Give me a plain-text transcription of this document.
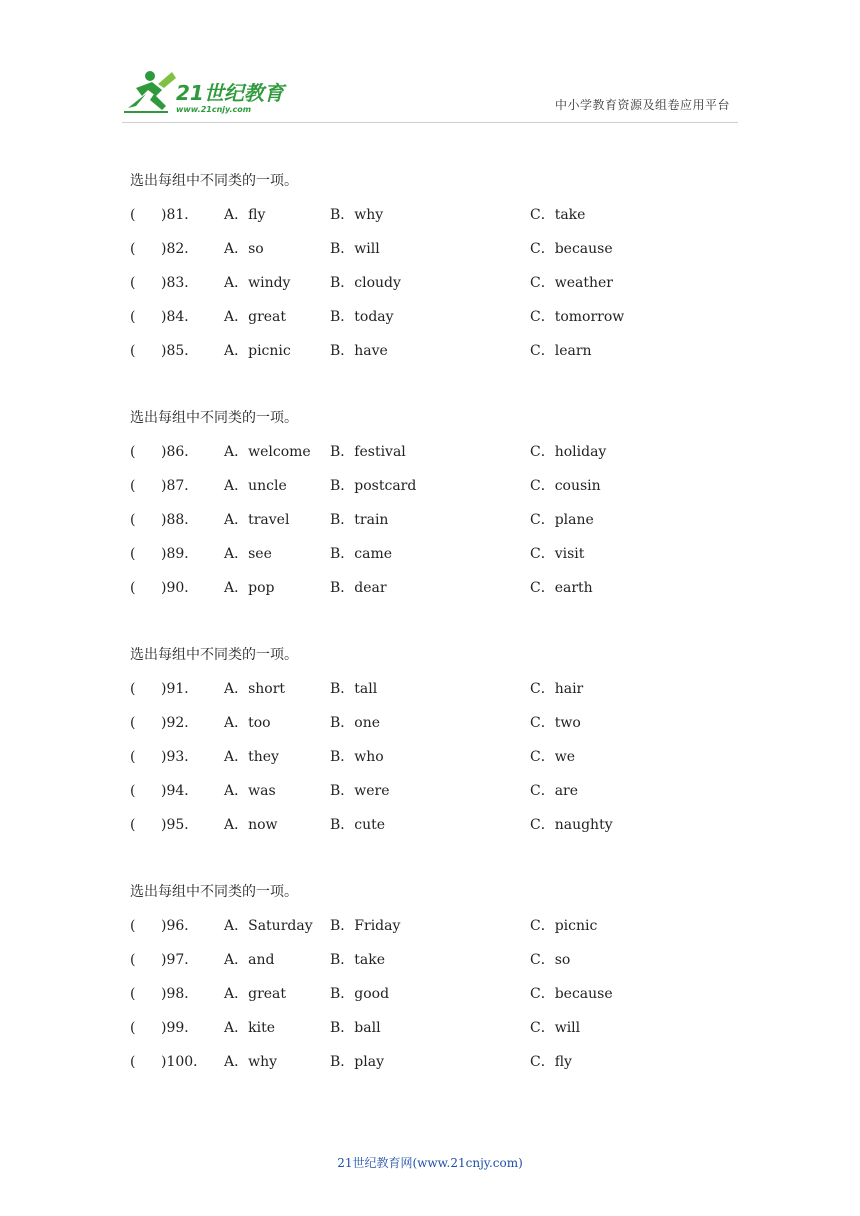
21世纪教育
www.21cnjy.com	中小学教育资源及组卷应用平台
选出每组中不同类的一项。
( )81． A．fly	B．why	C．take
( )82． A．so	B．will	C．because
( )83． A．windy	B．cloudy	C．weather
( )84． A．great	B．today	C．tomorrow
( )85． A．picnic	B．have	C．learn
选出每组中不同类的一项。
( )86． A．welcome B．festival	C．holiday
( )87． A．uncle	B．postcard	C．cousin
( )88． A．travel	B．train	C．plane
( )89． A．see	B．came	C．visit
( )90． A．pop	B．dear	C．earth
选出每组中不同类的一项。
( )91． A．short	B．tall	C．hair
( )92． A．too	B．one	C．two
( )93． A．they	B．who	C．we
( )94． A．was	B．were	C．are
( )95． A．now	B．cute	C．naughty
选出每组中不同类的一项。
( )96． A．Saturday B．Friday	C．picnic
( )97． A．and	B．take	C．so
( )98． A．great	B．good	C．because
( )99． A．kite	B．ball	C．will
( )100． A．why	B．play	C．fly
21世纪教育网(www.21cnjy.com)
